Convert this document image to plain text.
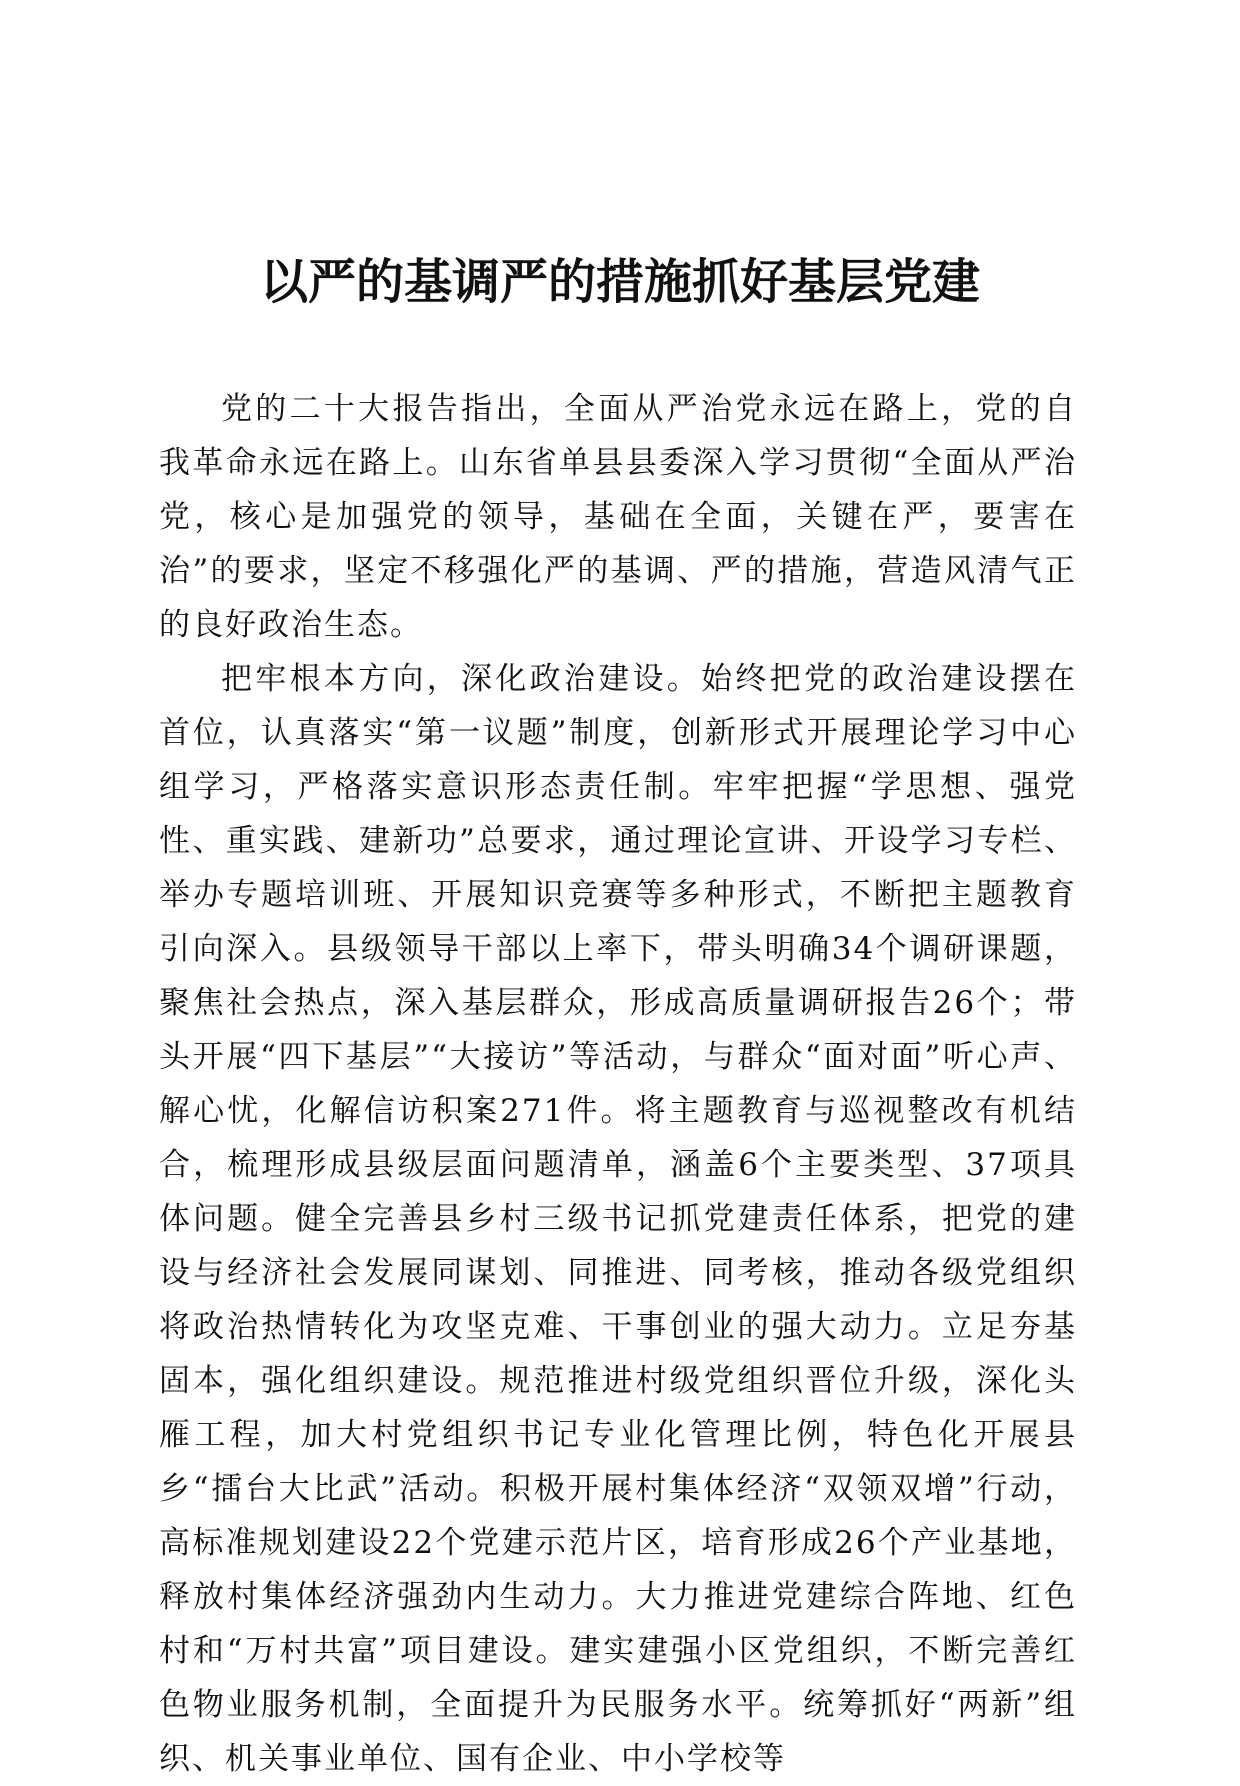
以严的基调严的措施抓好基层党建

党的二十大报告指出，全面从严治党永远在路上，党的自我革命永远在路上。山东省单县县委深入学习贯彻“全面从严治党，核心是加强党的领导，基础在全面，关键在严，要害在治”的要求，坚定不移强化严的基调、严的措施，营造风清气正的良好政治生态。

把牢根本方向，深化政治建设。始终把党的政治建设摆在首位，认真落实“第一议题”制度，创新形式开展理论学习中心组学习，严格落实意识形态责任制。牢牢把握“学思想、强党性、重实践、建新功”总要求，通过理论宣讲、开设学习专栏、举办专题培训班、开展知识竞赛等多种形式，不断把主题教育引向深入。县级领导干部以上率下，带头明确34个调研课题，聚焦社会热点，深入基层群众，形成高质量调研报告26个；带头开展“四下基层”“大接访”等活动，与群众“面对面”听心声、解心忧，化解信访积案271件。将主题教育与巡视整改有机结合，梳理形成县级层面问题清单，涵盖6个主要类型、37项具体问题。健全完善县乡村三级书记抓党建责任体系，把党的建设与经济社会发展同谋划、同推进、同考核，推动各级党组织将政治热情转化为攻坚克难、干事创业的强大动力。立足夯基固本，强化组织建设。规范推进村级党组织晋位升级，深化头雁工程，加大村党组织书记专业化管理比例，特色化开展县乡“擂台大比武”活动。积极开展村集体经济“双领双增”行动，高标准规划建设22个党建示范片区，培育形成26个产业基地，释放村集体经济强劲内生动力。大力推进党建综合阵地、红色村和“万村共富”项目建设。建实建强小区党组织，不断完善红色物业服务机制，全面提升为民服务水平。统筹抓好“两新”组织、机关事业单位、国有企业、中小学校等
